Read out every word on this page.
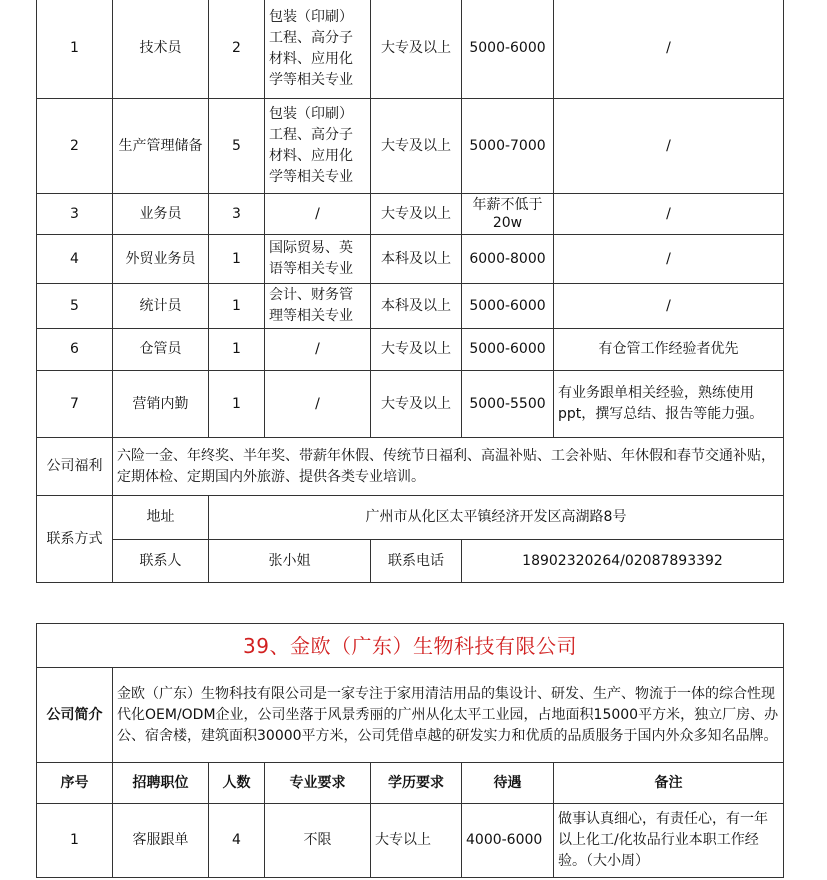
1	技术员	2	包装（印刷）工程、高分子材料、应用化学等相关专业	大专及以上	5000-6000	/
2	生产管理储备	5	包装（印刷）工程、高分子材料、应用化学等相关专业	大专及以上	5000-7000	/
3	业务员	3	/	大专及以上	年薪不低于20w	/
4	外贸业务员	1	国际贸易、英语等相关专业	本科及以上	6000-8000	/
5	统计员	1	会计、财务管理等相关专业	本科及以上	5000-6000	/
6	仓管员	1	/	大专及以上	5000-6000	有仓管工作经验者优先
7	营销内勤	1	/	大专及以上	5000-5500	有业务跟单相关经验，熟练使用ppt，撰写总结、报告等能力强。
公司福利	六险一金、年终奖、半年奖、带薪年休假、传统节日福利、高温补贴、工会补贴、年休假和春节交通补贴，定期体检、定期国内外旅游、提供各类专业培训。					
联系方式	地址	广州市从化区太平镇经济开发区高湖路8号				
	联系人	张小姐		联系电话	18902320264/02087893392	
39、金欧（广东）生物科技有限公司						
公司简介	金欧（广东）生物科技有限公司是一家专注于家用清洁用品的集设计、研发、生产、物流于一体的综合性现代化OEM/ODM企业，公司坐落于风景秀丽的广州从化太平工业园，占地面积15000平方米，独立厂房、办公、宿舍楼，建筑面积30000平方米，公司凭借卓越的研发实力和优质的品质服务于国内外众多知名品牌。					
序号	招聘职位	人数	专业要求	学历要求	待遇	备注
1	客服跟单	4	不限	大专以上	4000-6000	做事认真细心，有责任心，有一年以上化工/化妆品行业本职工作经验。（大小周）
